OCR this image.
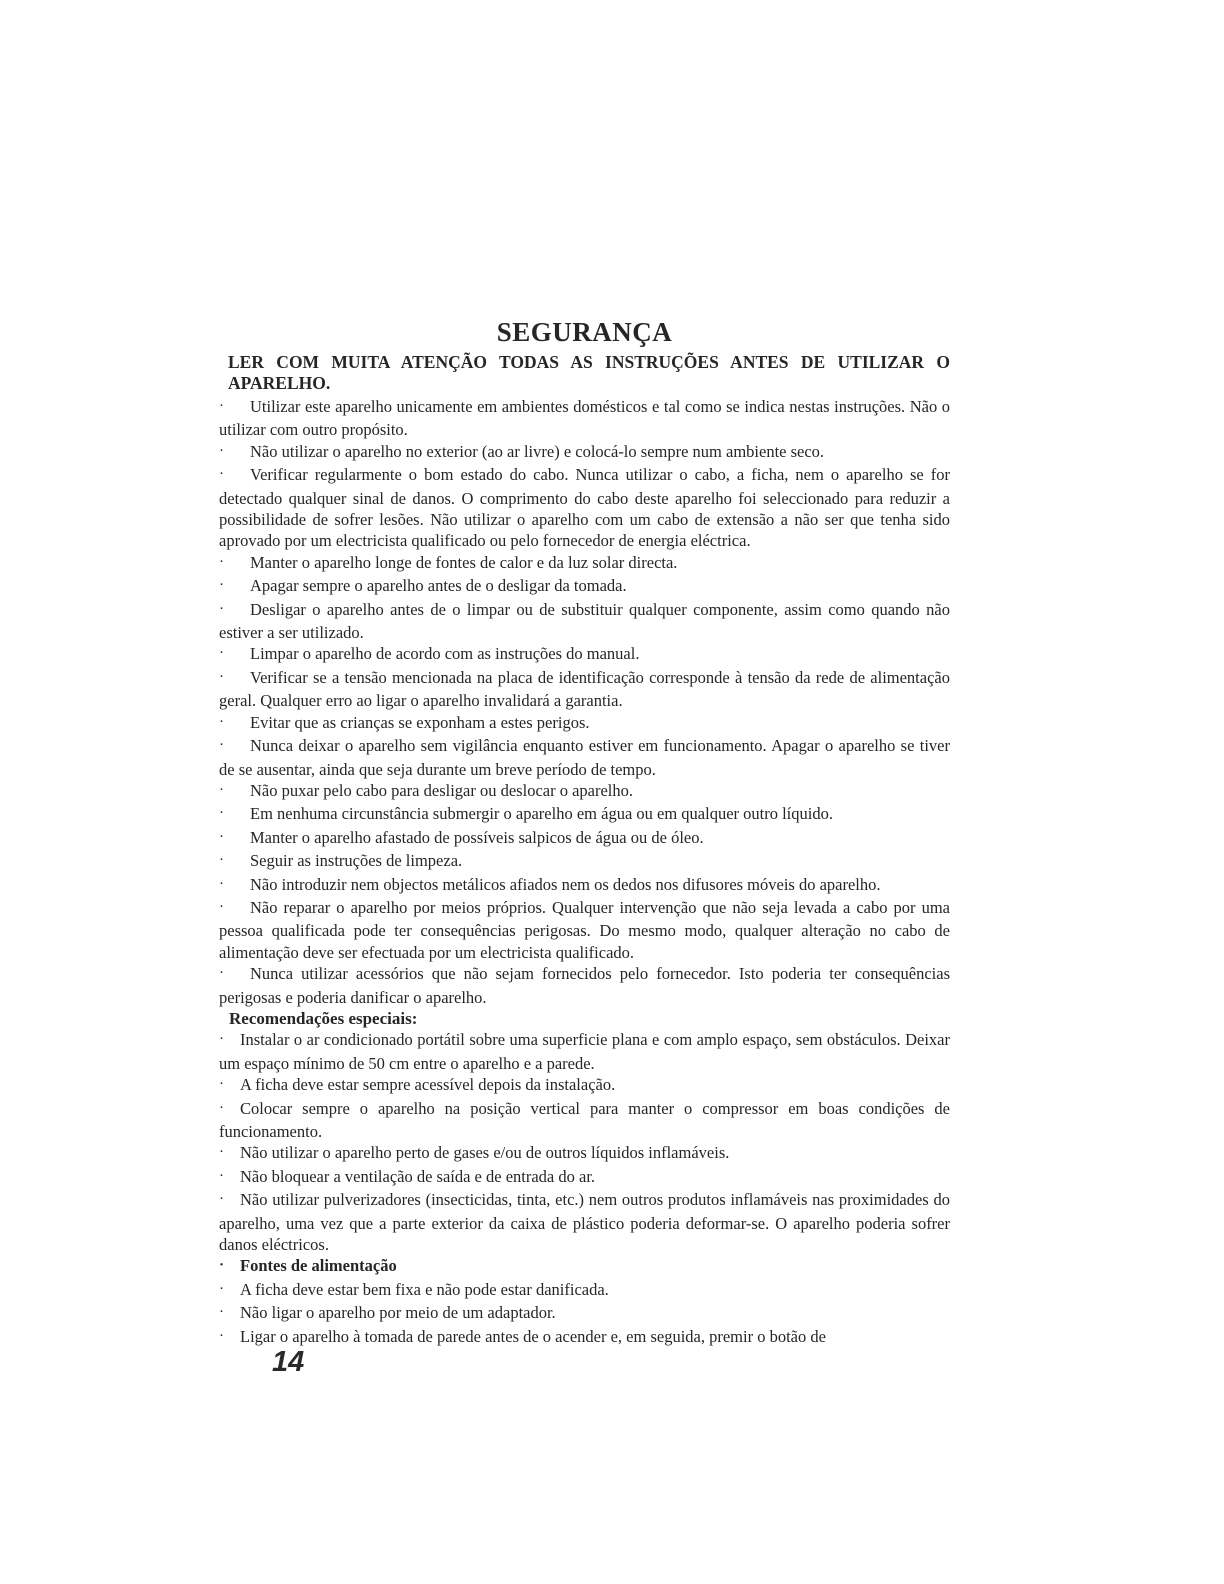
SEGURANÇA

LER COM MUITA ATENÇÃO TODAS AS INSTRUÇÕES ANTES DE UTILIZAR O APARELHO.

· Utilizar este aparelho unicamente em ambientes domésticos e tal como se indica nestas instruções. Não o utilizar com outro propósito.

· Não utilizar o aparelho no exterior (ao ar livre) e colocá-lo sempre num ambiente seco.

· Verificar regularmente o bom estado do cabo. Nunca utilizar o cabo, a ficha, nem o aparelho se for detectado qualquer sinal de danos. O comprimento do cabo deste aparelho foi seleccionado para reduzir a possibilidade de sofrer lesões. Não utilizar o aparelho com um cabo de extensão a não ser que tenha sido aprovado por um electricista qualificado ou pelo fornecedor de energia eléctrica.

· Manter o aparelho longe de fontes de calor e da luz solar directa.

· Apagar sempre o aparelho antes de o desligar da tomada.

· Desligar o aparelho antes de o limpar ou de substituir qualquer componente, assim como quando não estiver a ser utilizado.

· Limpar o aparelho de acordo com as instruções do manual.

· Verificar se a tensão mencionada na placa de identificação corresponde à tensão da rede de alimentação geral. Qualquer erro ao ligar o aparelho invalidará a garantia.

· Evitar que as crianças se exponham a estes perigos.

· Nunca deixar o aparelho sem vigilância enquanto estiver em funcionamento. Apagar o aparelho se tiver de se ausentar, ainda que seja durante um breve período de tempo.

· Não puxar pelo cabo para desligar ou deslocar o aparelho.

· Em nenhuma circunstância submergir o aparelho em água ou em qualquer outro líquido.

· Manter o aparelho afastado de possíveis salpicos de água ou de óleo.

· Seguir as instruções de limpeza.

· Não introduzir nem objectos metálicos afiados nem os dedos nos difusores móveis do aparelho.

· Não reparar o aparelho por meios próprios. Qualquer intervenção que não seja levada a cabo por uma pessoa qualificada pode ter consequências perigosas. Do mesmo modo, qualquer alteração no cabo de alimentação deve ser efectuada por um electricista qualificado.

· Nunca utilizar acessórios que não sejam fornecidos pelo fornecedor. Isto poderia ter consequências perigosas e poderia danificar o aparelho.

Recomendações especiais:

· Instalar o ar condicionado portátil sobre uma superficie plana e com amplo espaço, sem obstáculos. Deixar um espaço mínimo de 50 cm entre o aparelho e a parede.

· A ficha deve estar sempre acessível depois da instalação.

· Colocar sempre o aparelho na posição vertical para manter o compressor em boas condições de funcionamento.

· Não utilizar o aparelho perto de gases e/ou de outros líquidos inflamáveis.

· Não bloquear a ventilação de saída e de entrada do ar.

· Não utilizar pulverizadores (insecticidas, tinta, etc.) nem outros produtos inflamáveis nas proximidades do aparelho, uma vez que a parte exterior da caixa de plástico poderia deformar-se. O aparelho poderia sofrer danos eléctricos.

· Fontes de alimentação

· A ficha deve estar bem fixa e não pode estar danificada.

· Não ligar o aparelho por meio de um adaptador.

· Ligar o aparelho à tomada de parede antes de o acender e, em seguida, premir o botão de

14
